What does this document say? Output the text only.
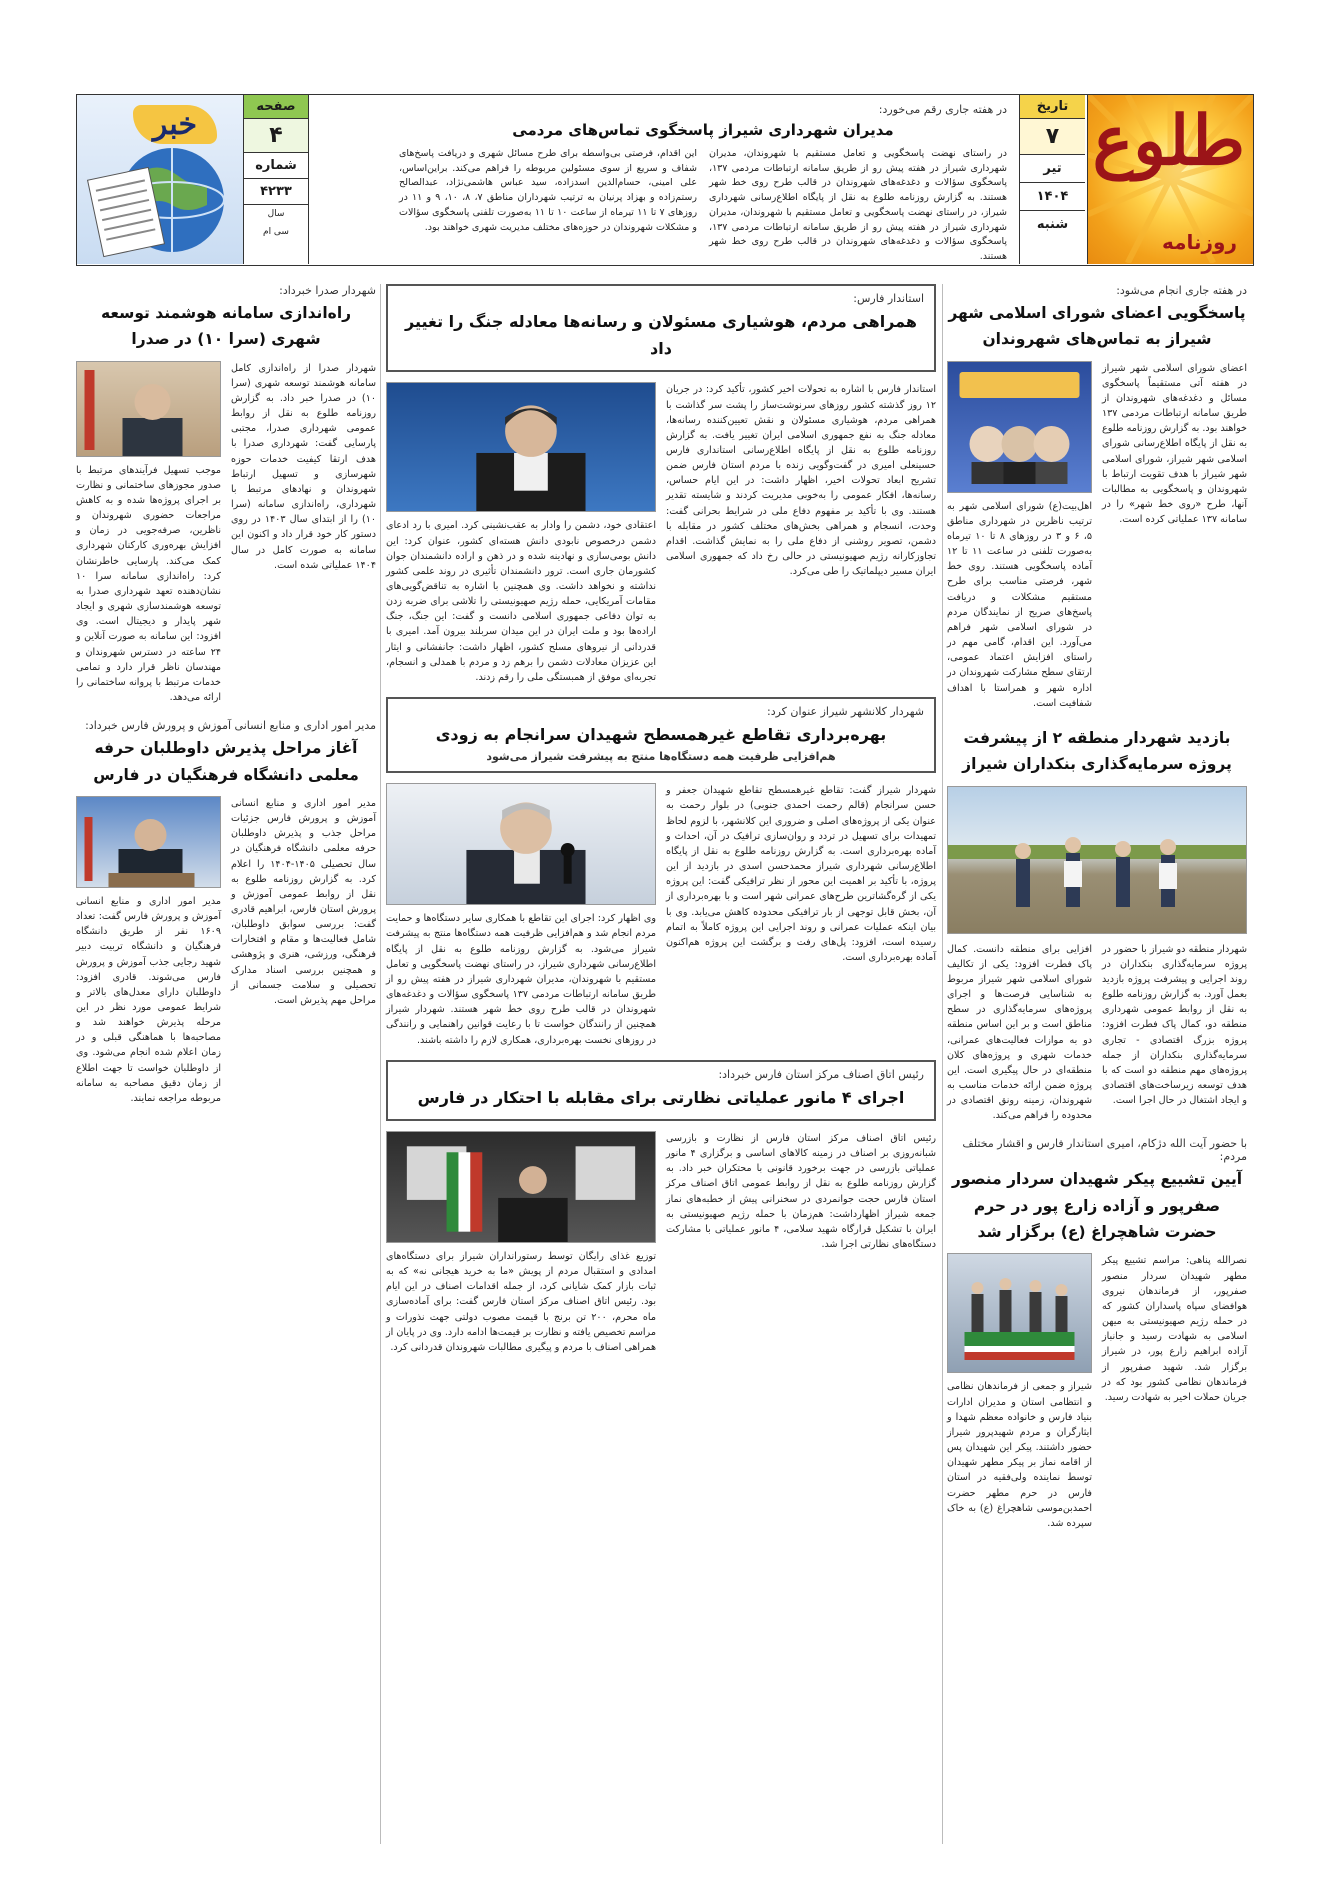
طلوع
روزنامه
تاریخ
۷
تیر
۱۴۰۴
شنبه
در هفته جاری رقم می‌خورد:
مدیران شهرداری شیراز پاسخگوی تماس‌های مردمی

در راستای نهضت پاسخگویی و تعامل مستقیم با شهروندان، مدیران شهرداری شیراز در هفته پیش رو از طریق سامانه ارتباطات مردمی ۱۳۷، پاسخگوی سؤالات و دغدغه‌های شهروندان در قالب طرح روی خط شهر هستند. به گزارش روزنامه طلوع به نقل از پایگاه اطلاع‌رسانی شهرداری شیراز، در راستای نهضت پاسخگویی و تعامل مستقیم با شهروندان، مدیران شهرداری شیراز در هفته پیش رو از طریق سامانه ارتباطات مردمی ۱۳۷، پاسخگوی سؤالات و دغدغه‌های شهروندان در قالب طرح روی خط شهر هستند.

این اقدام، فرصتی بی‌واسطه برای طرح مسائل شهری و دریافت پاسخ‌های شفاف و سریع از سوی مسئولین مربوطه را فراهم می‌کند. براین‌اساس، علی امینی، حسام‌الدین اسدزاده، سید عباس هاشمی‌نژاد، عبدالصالح رستم‌زاده و بهزاد پرنیان به ترتیب شهرداران مناطق ۷، ۸، ۱۰، ۹ و ۱۱ در روزهای ۷ تا ۱۱ تیرماه از ساعت ۱۰ تا ۱۱ به‌صورت تلفنی پاسخگوی سؤالات و مشکلات شهروندان در حوزه‌های مختلف مدیریت شهری خواهند بود.

صفحه
۴
شماره
۴۲۳۳
سال
سی ام
خبر
در هفته جاری انجام می‌شود:
پاسخگویی اعضای شورای اسلامی شهر شیراز به تماس‌های شهروندان

اعضای شورای اسلامی شهر شیراز در هفته آتی مستقیماً پاسخگوی مسائل و دغدغه‌های شهروندان از طریق سامانه ارتباطات مردمی ۱۳۷ خواهند بود. به گزارش روزنامه طلوع به نقل از پایگاه اطلاع‌رسانی شورای اسلامی شهر شیراز، شورای اسلامی شهر شیراز با هدف تقویت ارتباط با شهروندان و پاسخگویی به مطالبات آنها، طرح «روی خط شهر» را در سامانه ۱۳۷ عملیاتی کرده است.

اهل‌بیت(ع) شورای اسلامی شهر به ترتیب ناظرین در شهرداری مناطق ۵، ۶ و ۳ در روزهای ۸ تا ۱۰ تیرماه به‌صورت تلفنی در ساعت ۱۱ تا ۱۲ آماده پاسخگویی هستند. روی خط شهر، فرصتی مناسب برای طرح مستقیم مشکلات و دریافت پاسخ‌های صریح از نمایندگان مردم در شورای اسلامی شهر فراهم می‌آورد. این اقدام، گامی مهم در راستای افزایش اعتماد عمومی، ارتقای سطح مشارکت شهروندان در اداره شهر و همراستا با اهداف شفافیت است.

بازدید شهردار منطقه ۲ از پیشرفت پروژه سرمایه‌گذاری بنکداران شیراز

شهردار منطقه دو شیراز با حضور در پروژه سرمایه‌گذاری بنکداران در روند اجرایی و پیشرفت پروژه بازدید بعمل آورد. به گزارش روزنامه طلوع به نقل از روابط عمومی شهرداری منطقه دو، کمال پاک فطرت افزود: پروژه بزرگ اقتصادی - تجاری سرمایه‌گذاری بنکداران از جمله پروژه‌های مهم منطقه دو است که با هدف توسعه زیرساخت‌های اقتصادی و ایجاد اشتغال در حال اجرا است.

افزایی برای منطقه دانست. کمال پاک فطرت افزود: یکی از تکالیف شورای اسلامی شهر شیراز مربوط به شناسایی فرصت‌ها و اجرای پروژه‌های سرمایه‌گذاری در سطح مناطق است و بر این اساس منطقه دو به موازات فعالیت‌های عمرانی، خدمات شهری و پروژه‌های کلان منطقه‌ای در حال پیگیری است. این پروژه ضمن ارائه خدمات مناسب به شهروندان، زمینه رونق اقتصادی در محدوده را فراهم می‌کند.

با حضور آیت الله دژکام، امیری استاندار فارس و اقشار مختلف مردم:
آیین تشییع پیکر شهیدان سردار منصور صفرپور و آزاده زارع پور در حرم حضرت شاهچراغ (ع) برگزار شد

نصرالله پناهی: مراسم تشییع پیکر مطهر شهیدان سردار منصور صفرپور، از فرماندهان نیروی هوافضای سپاه پاسداران کشور که در حمله رژیم صهیونیستی به میهن اسلامی به شهادت رسید و جانباز آزاده ابراهیم زارع پور، در شیراز برگزار شد. شهید صفرپور از فرماندهان نظامی کشور بود که در جریان حملات اخیر به شهادت رسید.

شیراز و جمعی از فرماندهان نظامی و انتظامی استان و مدیران ادارات بنیاد فارس و خانواده معظم شهدا و ایثارگران و مردم شهیدپرور شیراز حضور داشتند. پیکر این شهیدان پس از اقامه نماز بر پیکر مطهر شهیدان توسط نماینده ولی‌فقیه در استان فارس در حرم مطهر حضرت احمدبن‌موسی شاهچراغ (ع) به خاک سپرده شد.

استاندار فارس:
همراهی مردم، هوشیاری مسئولان و رسانه‌ها معادله جنگ را تغییر داد

استاندار فارس با اشاره به تحولات اخیر کشور، تأکید کرد: در جریان ۱۲ روز گذشته کشور روزهای سرنوشت‌ساز را پشت سر گذاشت با همراهی مردم، هوشیاری مسئولان و نقش تعیین‌کننده رسانه‌ها، معادله جنگ به نفع جمهوری اسلامی ایران تغییر یافت. به گزارش روزنامه طلوع به نقل از پایگاه اطلاع‌رسانی استانداری فارس حسینعلی امیری در گفت‌وگویی زنده با مردم استان فارس ضمن تشریح ابعاد تحولات اخیر، اظهار داشت: در این ایام حساس، رسانه‌ها، افکار عمومی را به‌خوبی مدیریت کردند و شایسته تقدیر هستند. وی با تأکید بر مفهوم دفاع ملی در شرایط بحرانی گفت: وحدت، انسجام و همراهی بخش‌های مختلف کشور در مقابله با دشمن، تصویر روشنی از دفاع ملی را به نمایش گذاشت. اقدام تجاوزکارانه رژیم صهیونیستی در حالی رخ داد که جمهوری اسلامی ایران مسیر دیپلماتیک را طی می‌کرد.

اعتقادی خود، دشمن را وادار به عقب‌نشینی کرد. امیری با رد ادعای دشمن درخصوص نابودی دانش هسته‌ای کشور، عنوان کرد: این دانش بومی‌سازی و نهادینه شده و در ذهن و اراده دانشمندان جوان کشورمان جاری است. ترور دانشمندان تأثیری در روند علمی کشور نداشته و نخواهد داشت. وی همچنین با اشاره به تناقض‌گویی‌های مقامات آمریکایی، حمله رژیم صهیونیستی را تلاشی برای ضربه زدن به توان دفاعی جمهوری اسلامی دانست و گفت: این جنگ، جنگ اراده‌ها بود و ملت ایران در این میدان سربلند بیرون آمد. امیری با قدردانی از نیروهای مسلح کشور، اظهار داشت: جانفشانی و ایثار این عزیزان معادلات دشمن را برهم زد و مردم با همدلی و انسجام، تجربه‌ای موفق از همبستگی ملی را رقم زدند.

شهردار کلانشهر شیراز عنوان کرد:
بهره‌برداری تقاطع غیرهمسطح شهیدان سرانجام به زودی
هم‌افزایی ظرفیت همه دستگاه‌ها منتج به پیشرفت شیراز می‌شود

شهردار شیراز گفت: تقاطع غیرهمسطح تقاطع شهیدان جعفر و حسن سرانجام (قالم رحمت احمدی جنوبی) در بلوار رحمت به عنوان یکی از پروژه‌های اصلی و ضروری این کلانشهر، با لزوم لحاظ تمهیدات برای تسهیل در تردد و روان‌سازی ترافیک در آن، احداث و آماده بهره‌برداری است. به گزارش روزنامه طلوع به نقل از پایگاه اطلاع‌رسانی شهرداری شیراز محمدحسن اسدی در بازدید از این پروژه، با تأکید بر اهمیت این محور از نظر ترافیکی گفت: این پروژه یکی از گره‌گشاترین طرح‌های عمرانی شهر است و با بهره‌برداری از آن، بخش قابل توجهی از بار ترافیکی محدوده کاهش می‌یابد. وی با بیان اینکه عملیات عمرانی و روند اجرایی این پروژه کاملاً به اتمام رسیده است، افزود: پل‌های رفت و برگشت این پروژه هم‌اکنون آماده بهره‌برداری است.

وی اظهار کرد: اجرای این تقاطع با همکاری سایر دستگاه‌ها و حمایت مردم انجام شد و هم‌افزایی ظرفیت همه دستگاه‌ها منتج به پیشرفت شیراز می‌شود. به گزارش روزنامه طلوع به نقل از پایگاه اطلاع‌رسانی شهرداری شیراز، در راستای نهضت پاسخگویی و تعامل مستقیم با شهروندان، مدیران شهرداری شیراز در هفته پیش رو از طریق سامانه ارتباطات مردمی ۱۳۷ پاسخگوی سؤالات و دغدغه‌های شهروندان در قالب طرح روی خط شهر هستند. شهردار شیراز همچنین از رانندگان خواست تا با رعایت قوانین راهنمایی و رانندگی در روزهای نخست بهره‌برداری، همکاری لازم را داشته باشند.

رئیس اتاق اصناف مرکز استان فارس خبرداد:
اجرای ۴ مانور عملیاتی نظارتی برای مقابله با احتکار در فارس

رئیس اتاق اصناف مرکز استان فارس از نظارت و بازرسی شبانه‌روزی بر اصناف در زمینه کالاهای اساسی و برگزاری ۴ مانور عملیاتی بازرسی در جهت برخورد قانونی با محتکران خبر داد. به گزارش روزنامه طلوع به نقل از روابط عمومی اتاق اصناف مرکز استان فارس حجت جوانمردی در سخنرانی پیش از خطبه‌های نماز جمعه شیراز اظهارداشت: هم‌زمان با حمله رژیم صهیونیستی به ایران با تشکیل قرارگاه شهید سلامی، ۴ مانور عملیاتی با مشارکت دستگاه‌های نظارتی اجرا شد.

توزیع غذای رایگان توسط رستورانداران شیراز برای دستگاه‌های امدادی و استقبال مردم از پویش «ما به خرید هیجانی نه» که به ثبات بازار کمک شایانی کرد، از جمله اقدامات اصناف در این ایام بود. رئیس اتاق اصناف مرکز استان فارس گفت: برای آماده‌سازی ماه محرم، ۲۰۰ تن برنج با قیمت مصوب دولتی جهت نذورات و مراسم تخصیص یافته و نظارت بر قیمت‌ها ادامه دارد. وی در پایان از همراهی اصناف با مردم و پیگیری مطالبات شهروندان قدردانی کرد.

شهردار صدرا خبرداد:
راه‌اندازی سامانه هوشمند توسعه شهری (سرا ۱۰) در صدرا

شهردار صدرا از راه‌اندازی کامل سامانه هوشمند توسعه شهری (سرا ۱۰) در صدرا خبر داد. به گزارش روزنامه طلوع به نقل از روابط عمومی شهرداری صدرا، مجتبی پارسایی گفت: شهرداری صدرا با هدف ارتقا کیفیت خدمات حوزه شهرسازی و تسهیل ارتباط شهروندان و نهادهای مرتبط با شهرداری، راه‌اندازی سامانه (سرا ۱۰) را از ابتدای سال ۱۴۰۳ در روی دستور کار خود قرار داد و اکنون این سامانه به صورت کامل در سال ۱۴۰۴ عملیاتی شده است.

موجب تسهیل فرآیندهای مرتبط با صدور مجوزهای ساختمانی و نظارت بر اجرای پروژه‌ها شده و به کاهش مراجعات حضوری شهروندان و ناظرین، صرفه‌جویی در زمان و افزایش بهره‌وری کارکنان شهرداری کمک می‌کند. پارسایی خاطرنشان کرد: راه‌اندازی سامانه سرا ۱۰ نشان‌دهنده تعهد شهرداری صدرا به توسعه هوشمندسازی شهری و ایجاد شهر پایدار و دیجیتال است. وی افزود: این سامانه به صورت آنلاین و ۲۴ ساعته در دسترس شهروندان و مهندسان ناظر قرار دارد و تمامی خدمات مرتبط با پروانه ساختمانی را ارائه می‌دهد.

مدیر امور اداری و منابع انسانی آموزش و پرورش فارس خبرداد:
آغاز مراحل پذیرش داوطلبان حرفه معلمی دانشگاه فرهنگیان در فارس

مدیر امور اداری و منابع انسانی آموزش و پرورش فارس جزئیات مراحل جذب و پذیرش داوطلبان حرفه معلمی دانشگاه فرهنگیان در سال تحصیلی ۱۴۰۵-۱۴۰۴ را اعلام کرد. به گزارش روزنامه طلوع به نقل از روابط عمومی آموزش و پرورش استان فارس، ابراهیم قادری گفت: بررسی سوابق داوطلبان، شامل فعالیت‌ها و مقام و افتخارات فرهنگی، ورزشی، هنری و پژوهشی و همچنین بررسی اسناد مدارک تحصیلی و سلامت جسمانی از مراحل مهم پذیرش است.

مدیر امور اداری و منابع انسانی آموزش و پرورش فارس گفت: تعداد ۱۶۰۹ نفر از طریق دانشگاه فرهنگیان و دانشگاه تربیت دبیر شهید رجایی جذب آموزش و پرورش فارس می‌شوند. قادری افزود: داوطلبان دارای معدل‌های بالاتر و شرایط عمومی مورد نظر در این مرحله پذیرش خواهند شد و مصاحبه‌ها با هماهنگی قبلی و در زمان اعلام شده انجام می‌شود. وی از داوطلبان خواست تا جهت اطلاع از زمان دقیق مصاحبه به سامانه مربوطه مراجعه نمایند.
